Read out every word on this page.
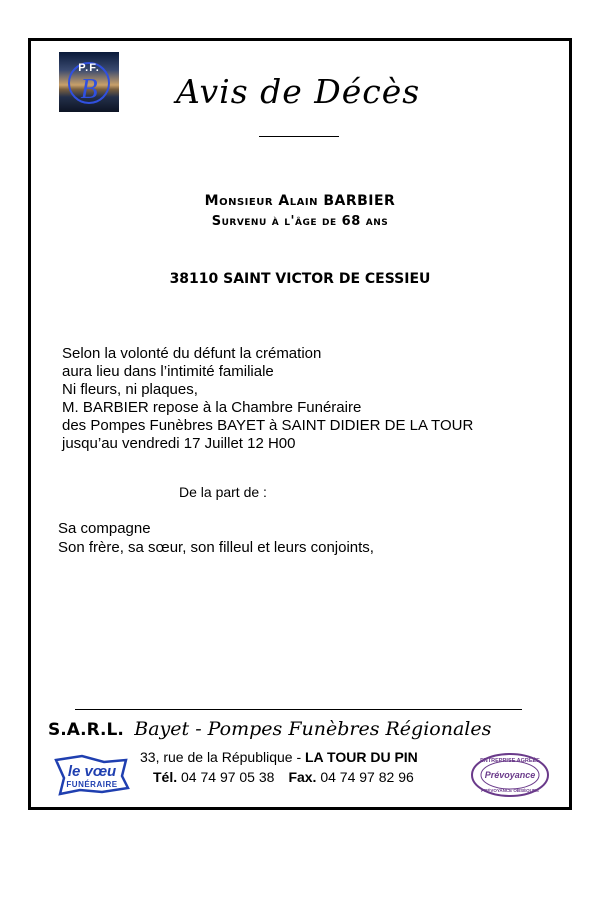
P.F.
B	Avis de Décès
Monsieur Alain BARBIER
Survenu à l'âge de 68 ans
38110 SAINT VICTOR DE CESSIEU
Selon la volonté du défunt la crémation
aura lieu dans l’intimité familiale
Ni fleurs, ni plaques,
M. BARBIER repose à la Chambre Funéraire
des Pompes Funèbres BAYET à SAINT DIDIER DE LA TOUR
jusqu’au vendredi 17 Juillet 12 H00
De la part de :
Sa compagne
Son frère, sa sœur, son filleul et leurs conjoints,
S.A.R.L. Bayet - Pompes Funèbres Régionales
33, rue de la République - LA TOUR DU PIN
Tél. 04 74 97 05 38 Fax. 04 74 97 82 96
le vœu
FUNÉRAIRE
ENTREPRISE AGRÉÉE
Prévoyance
PRÉVOYANCE OBSÈQUES
